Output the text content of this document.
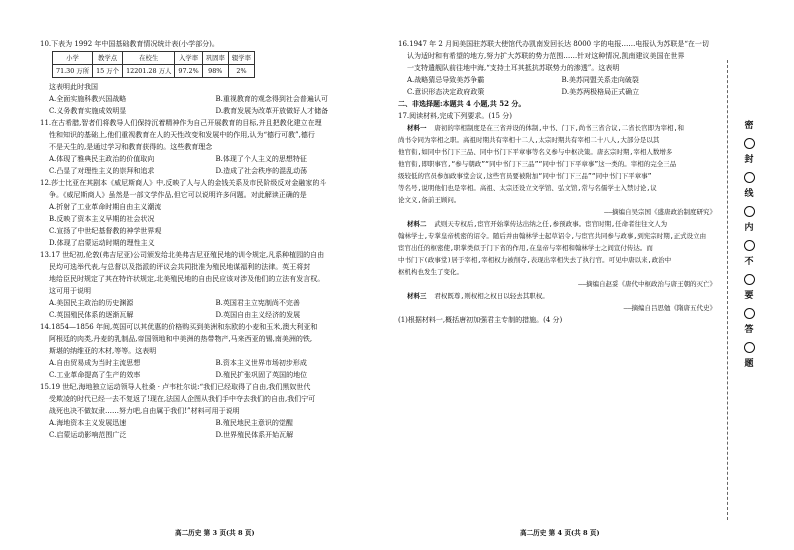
10.下表为 1992 年中国基础教育情况统计表(小学部分)。

小学	教学点	在校生	入学率	巩固率	辍学率
71.30 万所	15 万个	12201.28 万人	97.2%	98%	2%

这表明此时我国

A.全面实施科教兴国战略	B.重视教育的观念得到社会普遍认可
C.义务教育实施成效明显	D.教育发展为改革开放做好人才储备

11.在古希腊,智者们将教导人们保持沉着精神作为自己开展教育的目标,并且把教化建立在理

性和知识的基础上,他们重视教育在人的天性改变和发展中的作用,认为“德行可教”,德行

不是天生的,是通过学习和教育获得的。这些教育理念

A.体现了雅典民主政治的价值取向	B.体现了个人主义的思想特征
C.凸显了对理性主义的崇拜和追求	D.造成了社会秩序的混乱动荡

12.莎士比亚在其剧本《威尼斯商人》中,反映了人与人的金钱关系及市民阶级反对金融家的斗

争。《威尼斯商人》虽然是一部文学作品,但它可以说明许多问题。对此解读正确的是

A.折射了工业革命时期自由主义潮流

B.反映了资本主义早期的社会状况

C.宣扬了中世纪基督教的神学世界观

D.体现了启蒙运动时期的理性主义

13.17 世纪初,伦敦(弗吉尼亚)公司颁发给北美弗吉尼亚殖民地的训令规定,凡系种植园的自由

民均可选举代表,与总督以及指派的评议会共同批准为殖民地谋福利的法律。英王将封

地给臣民时规定了其在特许状规定,北美殖民地的自由民应该对涉及他们的立法有发言权。

这可用于说明

A.美国民主政治的历史渊源	B.英国君主立宪制尚不完善
C.英国殖民体系的逐渐瓦解	D.英国自由主义经济的发展

14.1854—1856 年间,英国可以其优惠的价格购买到美洲和东欧的小麦和玉米,澳大利亚和

阿根廷的肉类,丹麦的乳制品,帝国领地和中美洲的热带物产,马来西亚的锡,南美洲的铁,

斯堪的纳维亚的木材,等等。这表明

A.自由贸易成为当时主流思想	B.资本主义世界市场初步形成
C.工业革命提高了生产的效率	D.殖民扩张巩固了英国的地位

15.19 世纪,海地独立运动领导人杜桑 · 卢韦杜尔说:“我们已经取得了自由,我们黑奴世代

受欺凌的时代已经一去不复返了!现在,法国人企图从我们手中夺去我们的自由,我们宁可

战死也决不做奴隶……努力吧,自由属于我们!”材料可用于说明

A.海地资本主义发展迅速	B.殖民地民主意识的觉醒
C.启蒙运动影响范围广泛	D.世界殖民体系开始瓦解
高二历史 第 3 页(共 8 页)

16.1947 年 2 月间美国驻苏联大使馆代办凯南发回长达 8000 字的电报……电报认为苏联是“在一切

认为适时和有希望的地方,努力扩大苏联的势力范围……针对这种情况,凯南建议美国在世界

一支特遣舰队前往地中海,“支持土耳其抵抗苏联势力的渗透”。这表明

A.战略猜忌导致美苏争霸	B.美苏同盟关系走向破裂
C.意识形态决定政府政策	D.美苏两极格局正式确立

二、非选择题:本题共 4 小题,共 52 分。

17.阅读材料,完成下列要求。(15 分)

材料一 唐初的宰相制度是在三省并设的体制,中书、门下,尚书三省合议,二省长官即为宰相,和

尚书令同为宰相之职。高祖时期共有宰相十二人,太宗时期共有宰相二十八人,大部分是以其

他官衔,如同中书门下三品、同中书门下平章事等名义参与中枢决策。唐玄宗时期,宰相人数增多

他官衔,即职事官,“参与朝政”“同中书门下三品”“同中书门下平章事”这一类的。宰相的完全三品

级较低的官员参加政事堂会议,这些官员要被附加“同中书门下三品”“同中书门下平章事”

等名号,说明他们也是宰相。高祖、太宗还设立文学馆、弘文馆,常与名儒学士入禁讨论,议

论文义,备前王顾问。

——摘编自吴宗国《盛唐政治制度研究》

材料二 武则天专权后,宦官开始掌传达出纳之任,参预政事。宦官时期,任命者往往文人为

翰林学士,专掌皇帝机密的诏令。随后并由翰林学士起草诏令,与宦官共同参与政事,到宪宗时期,正式设立由

宦官出任的枢密使,职掌类似于门下省的作用,在皇帝与宰相和翰林学士之间宣付传达。而

中书门下(政事堂)居于宰相,宰相权力被削夺,表现出宰相失去了执行官。可见中唐以来,政治中

枢机构也发生了变化。

——摘编自赵妥《唐代中枢政治与唐王朝的灭亡》

材料三 君权既尊,则权相之权日以轻去其职权。

——摘编自吕思勉《隋唐五代史》

(1)根据材料一,概括唐初加强君主专制的措施。(4 分)

高二历史 第 4 页(共 8 页)
密
封
线
内
不
要
答
题
